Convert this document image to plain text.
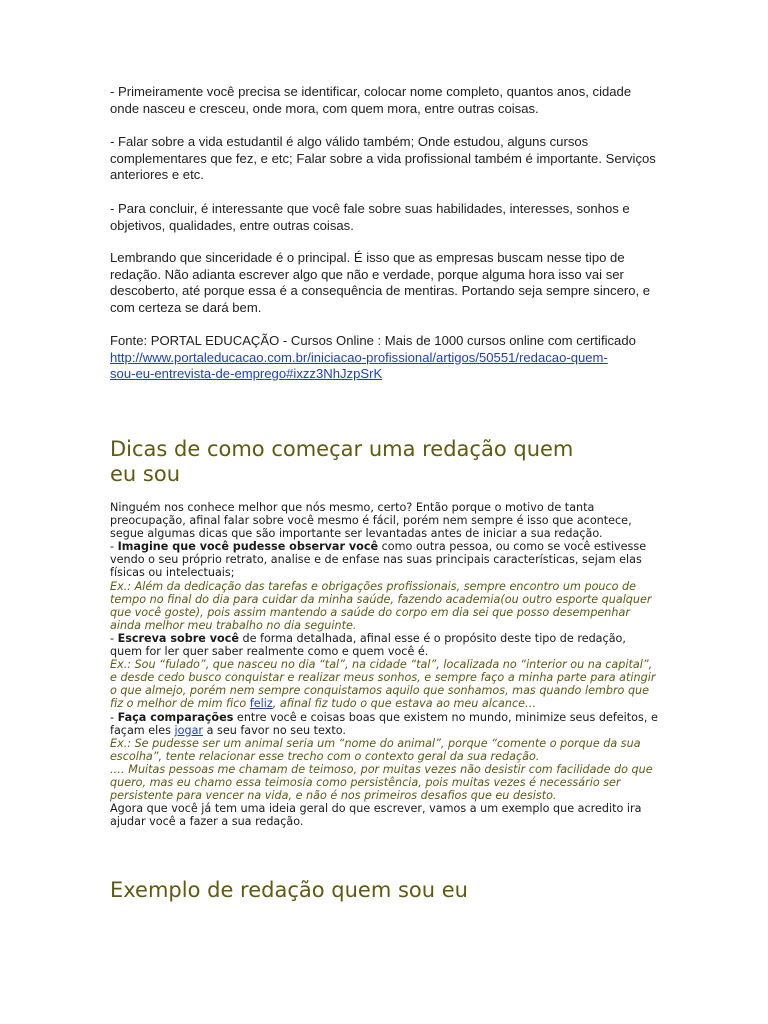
- Primeiramente você precisa se identificar, colocar nome completo, quantos anos, cidade onde nasceu e cresceu, onde mora, com quem mora, entre outras coisas.

- Falar sobre a vida estudantil é algo válido também; Onde estudou, alguns cursos complementares que fez, e etc; Falar sobre a vida profissional também é importante. Serviços anteriores e etc.

- Para concluir, é interessante que você fale sobre suas habilidades, interesses, sonhos e objetivos, qualidades, entre outras coisas.

Lembrando que sinceridade é o principal. É isso que as empresas buscam nesse tipo de redação. Não adianta escrever algo que não e verdade, porque alguma hora isso vai ser descoberto, até porque essa é a consequência de mentiras. Portando seja sempre sincero, e com certeza se dará bem.

Fonte: PORTAL EDUCAÇÃO - Cursos Online : Mais de 1000 cursos online com certificado

http://www.portaleducacao.com.br/iniciacao-profissional/artigos/50551/redacao-quem-
sou-eu-entrevista-de-emprego#ixzz3NhJzpSrK

Dicas de como começar uma redação quem
eu sou

Ninguém nos conhece melhor que nós mesmo, certo? Então porque o motivo de tanta preocupação, afinal falar sobre você mesmo é fácil, porém nem sempre é isso que acontece, segue algumas dicas que são importante ser levantadas antes de iniciar a sua redação.

- Imagine que você pudesse observar você como outra pessoa, ou como se você estivesse vendo o seu próprio retrato, analise e de enfase nas suas principais características, sejam elas físicas ou intelectuais;

Ex.: Além da dedicação das tarefas e obrigações profissionais, sempre encontro um pouco de tempo no final do dia para cuidar da minha saúde, fazendo academia(ou outro esporte qualquer que você goste), pois assim mantendo a saúde do corpo em dia sei que posso desempenhar ainda melhor meu trabalho no dia seguinte.

- Escreva sobre você de forma detalhada, afinal esse é o propósito deste tipo de redação, quem for ler quer saber realmente como e quem você é.

Ex.: Sou “fulado”, que nasceu no dia “tal”, na cidade “tal”, localizada no “interior ou na capital”, e desde cedo busco conquistar e realizar meus sonhos, e sempre faço a minha parte para atingir o que almejo, porém nem sempre conquistamos aquilo que sonhamos, mas quando lembro que fiz o melhor de mim fico feliz, afinal fiz tudo o que estava ao meu alcance…

- Faça comparações entre você e coisas boas que existem no mundo, minimize seus defeitos, e façam eles jogar a seu favor no seu texto.

Ex.: Se pudesse ser um animal seria um “nome do animal”, porque “comente o porque da sua escolha”, tente relacionar esse trecho com o contexto geral da sua redação.

.… Muitas pessoas me chamam de teimoso, por muitas vezes não desistir com facilidade do que quero, mas eu chamo essa teimosia como persistência, pois muitas vezes é necessário ser persistente para vencer na vida, e não é nos primeiros desafios que eu desisto.

Agora que você já tem uma ideia geral do que escrever, vamos a um exemplo que acredito ira ajudar você a fazer a sua redação.

Exemplo de redação quem sou eu
